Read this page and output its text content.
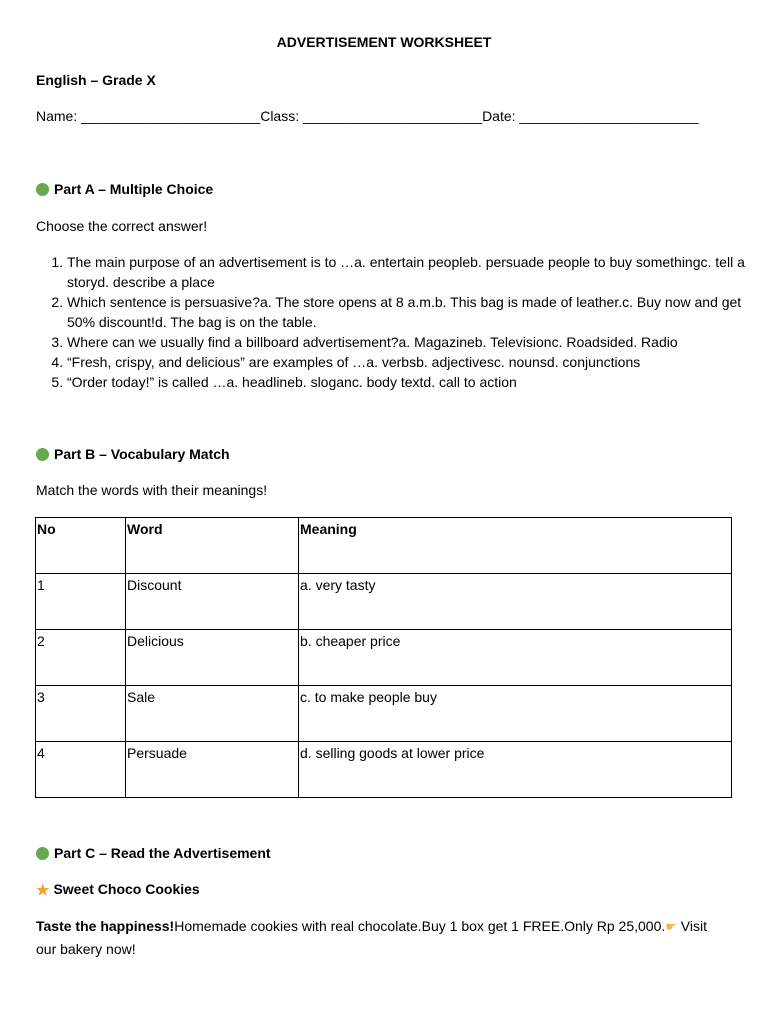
ADVERTISEMENT WORKSHEET
English – Grade X
Name: _______________________Class: _______________________Date: _______________________
Part A – Multiple Choice
Choose the correct answer!
1. The main purpose of an advertisement is to …a. entertain peopleb. persuade people to buy somethingc. tell a storyd. describe a place
2. Which sentence is persuasive?a. The store opens at 8 a.m.b. This bag is made of leather.c. Buy now and get 50% discount!d. The bag is on the table.
3. Where can we usually find a billboard advertisement?a. Magazineb. Televisionc. Roadsided. Radio
4. “Fresh, crispy, and delicious” are examples of …a. verbsb. adjectivesc. nounsd. conjunctions
5. “Order today!” is called …a. headlineb. sloganc. body textd. call to action
Part B – Vocabulary Match
Match the words with their meanings!
No	Word	Meaning
1	Discount	a. very tasty
2	Delicious	b. cheaper price
3	Sale	c. to make people buy
4	Persuade	d. selling goods at lower price
Part C – Read the Advertisement
★ Sweet Choco Cookies
Taste the happiness!Homemade cookies with real chocolate.Buy 1 box get 1 FREE.Only Rp 25,000.☛ Visit our bakery now!
